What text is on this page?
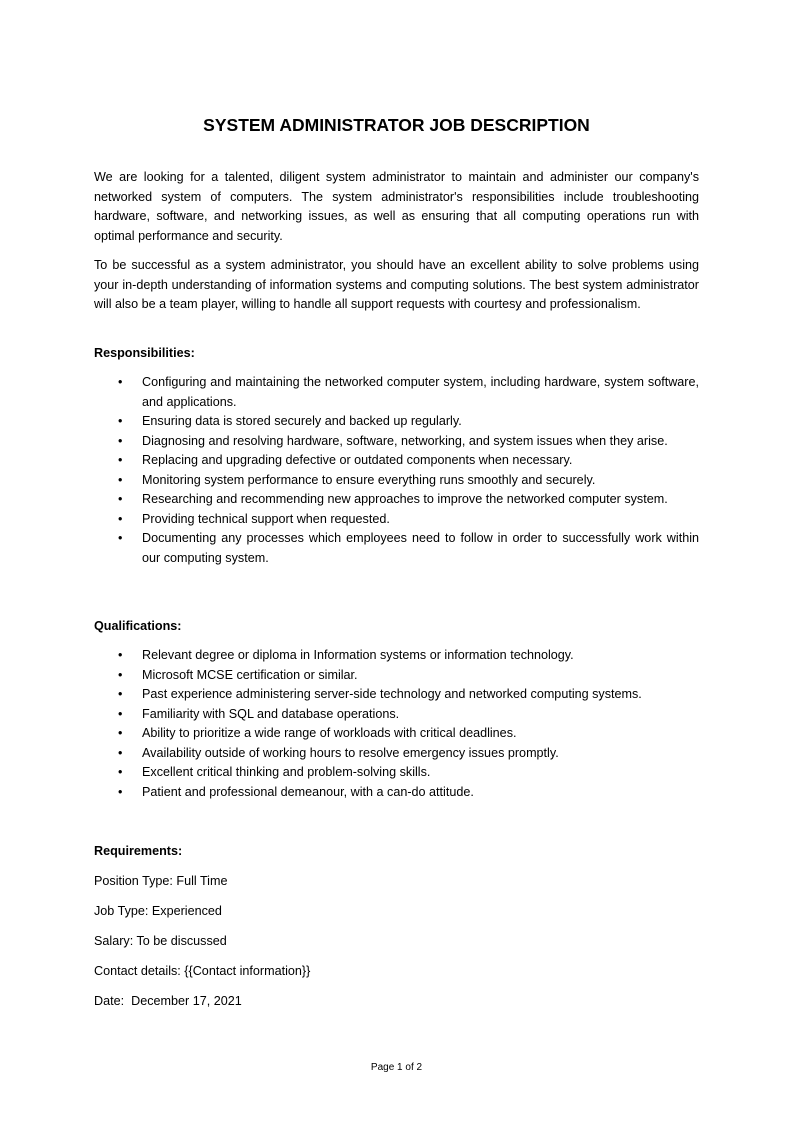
SYSTEM ADMINISTRATOR JOB DESCRIPTION

We are looking for a talented, diligent system administrator to maintain and administer our company's networked system of computers. The system administrator's responsibilities include troubleshooting hardware, software, and networking issues, as well as ensuring that all computing operations run with optimal performance and security.

To be successful as a system administrator, you should have an excellent ability to solve problems using your in-depth understanding of information systems and computing solutions. The best system administrator will also be a team player, willing to handle all support requests with courtesy and professionalism.

Responsibilities:

• Configuring and maintaining the networked computer system, including hardware, system software, and applications.
• Ensuring data is stored securely and backed up regularly.
• Diagnosing and resolving hardware, software, networking, and system issues when they arise.
• Replacing and upgrading defective or outdated components when necessary.
• Monitoring system performance to ensure everything runs smoothly and securely.
• Researching and recommending new approaches to improve the networked computer system.
• Providing technical support when requested.
• Documenting any processes which employees need to follow in order to successfully work within our computing system.

Qualifications:

• Relevant degree or diploma in Information systems or information technology.
• Microsoft MCSE certification or similar.
• Past experience administering server-side technology and networked computing systems.
• Familiarity with SQL and database operations.
• Ability to prioritize a wide range of workloads with critical deadlines.
• Availability outside of working hours to resolve emergency issues promptly.
• Excellent critical thinking and problem-solving skills.
• Patient and professional demeanour, with a can-do attitude.

Requirements:

Position Type: Full Time

Job Type: Experienced

Salary: To be discussed

Contact details: {{Contact information}}

Date:  December 17, 2021

Page 1 of 2
